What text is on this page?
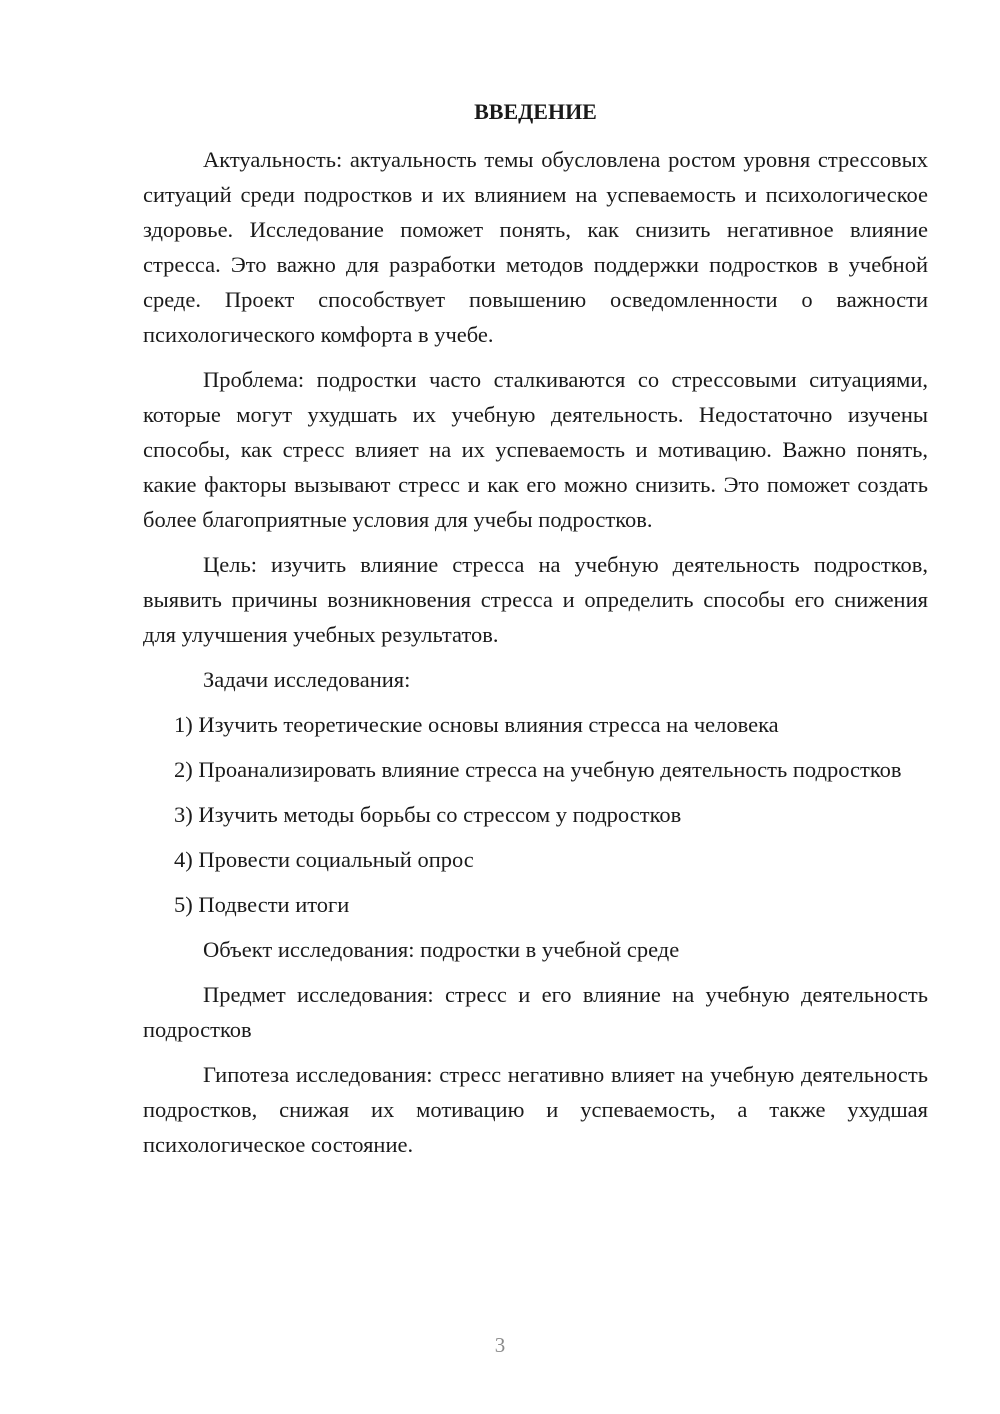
ВВЕДЕНИЕ

Актуальность: актуальность темы обусловлена ростом уровня стрессовых ситуаций среди подростков и их влиянием на успеваемость и психологическое здоровье. Исследование поможет понять, как снизить негативное влияние стресса. Это важно для разработки методов поддержки подростков в учебной среде. Проект способствует повышению осведомленности о важности психологического комфорта в учебе.

Проблема: подростки часто сталкиваются со стрессовыми ситуациями, которые могут ухудшать их учебную деятельность. Недостаточно изучены способы, как стресс влияет на их успеваемость и мотивацию. Важно понять, какие факторы вызывают стресс и как его можно снизить. Это поможет создать более благоприятные условия для учебы подростков.

Цель: изучить влияние стресса на учебную деятельность подростков, выявить причины возникновения стресса и определить способы его снижения для улучшения учебных результатов.

Задачи исследования:

1) Изучить теоретические основы влияния стресса на человека

2) Проанализировать влияние стресса на учебную деятельность подростков

3) Изучить методы борьбы со стрессом у подростков

4) Провести социальный опрос

5) Подвести итоги

Объект исследования: подростки в учебной среде

Предмет исследования: стресс и его влияние на учебную деятельность подростков

Гипотеза исследования: стресс негативно влияет на учебную деятельность подростков, снижая их мотивацию и успеваемость, а также ухудшая психологическое состояние.

3
